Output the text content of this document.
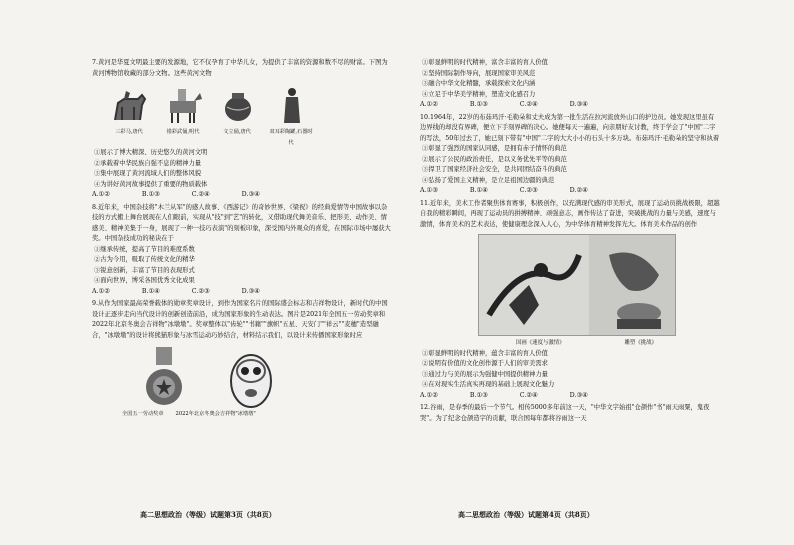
7.黄河是华夏文明最主要的发源地，它不仅孕育了中华儿女，为提供了丰富的资源和数不尽的财富。下图为黄河博物馆收藏的部分文物。这些黄河文物

三彩马,唐代	错彩武俑,明代	文立俑,唐代	双耳彩陶罐,石器时代

①展示了博大精深、历史悠久的黄河文明

②承载着中华民族自强不息的精神力量

③集中展现了黄河流域人们的整体风貌

④为讲好黄河故事提供了重要的物质载体

A.①②	B.①③	C.②④	D.③④

8.近年来，中国杂技将"木兰从军"的感人故事、《西游记》的奇妙世界、《梁祝》的经典爱情等中国故事以杂技的方式搬上舞台展现在人们眼前，实现从"技"到"艺"的转化，又借助现代舞美音乐、把形美、动作美、情感美、精神美集于一身，展现了一种一技巧表演"的刻板印象，深受国内外观众的喜爱，在国际市场中屡获大奖。中国杂技成功的秘诀在于

①继承传统，提高了节目的难度系数

②古为今用，吸取了传统文化的精华

③锐意创新，丰富了节目的表现形式

④面向世界，博采各国优秀文化成果

A.①②	B.①④	C.②③	D.③④

9.从作为国家最高荣誉载体的勋章奖章设计，到作为国家名片的国际盛会标志和吉祥物设计，新时代的中国设计正逐步走向当代设计的创新创造前沿，成为国家形象的生动表达。图片是2021年全国五一劳动奖章和2022年北京冬奥会吉祥物"冰墩墩"。奖章整体以"齿轮""书籍""旗帜"五星、天安门""祥云""麦穗"造型融合，"冰墩墩"的设计将熊猫形象与冰雪运动巧妙结合，材料结示我们，以设计来传播国家形象时应

全国五一劳动奖章 2022年北京冬奥会吉祥物"冰墩墩"
高二思想政治（等级）试题第3页（共8页）

①彰显鲜明的时代精神，富含丰富的育人价值

②坚持国际制作导向，展现国家审美风范

③融合中华文化精髓，承载探索文化内涵

④立足于中华美学精神，塑造文化感召力

A.①②	B.①③	C.②④	D.③④

10.1964年，22岁的布茹玛汗·毛勒朵和丈夫成为第一批生活在拉河流放外山口的护边员。她发现这里虽有边界线的却没有界碑，便立下手刻界碑的决心。她便每天一遍遍，向亲朋好友讨教，终于学会了"中国"二字的写法，50年过去了，她已刻下带有"中国"二字的大大小小的石头十多万块。布茹玛汗·毛勒朵的坚守和执着

①彰显了强烈的国家认同感，是拥有赤子情怀的典范

②展示了公民的政治责任，是以义务优先平等的典范

③捍卫了国家经济社会安全，是共同团结奋斗的典范

④弘扬了爱国主义精神，是立足祖国边疆的典范

A.①③	B.①④	C.②③	D.②④

11.近年来，美术工作者聚焦体育赛事，积极创作，以充满现代感的审美形式，展现了运动员挑战极限，超越自我的精彩瞬间，再现了运动员的拼搏精神、顽强意志，画作传达了奋进，突破挑战的力量与美感，速度与激情，体育美术的艺术表达，使健康理念深入人心，为中华体育精神发挥光大。体育美术作品的创作

国画《速度与激情》	雕塑《挑战》

①彰显鲜明的时代精神，蕴含丰富的育人价值

②说明有价值的文化创作源于人们的审美需求

③通过力与美的展示为强健中国提供精神力量

④在对现实生活真实再现的基础上展现文化魅力

A.①②	B.①③	C.②④	D.③④

12.谷雨，是春季的最后一个节气。相传5000多年前这一天，"中华文字始祖"仓颉作"书"雨天雨粟，鬼夜哭"。为了纪念仓颉造字的贡献，联合国每年都将谷雨这一天

高二思想政治（等级）试题第4页（共8页）
